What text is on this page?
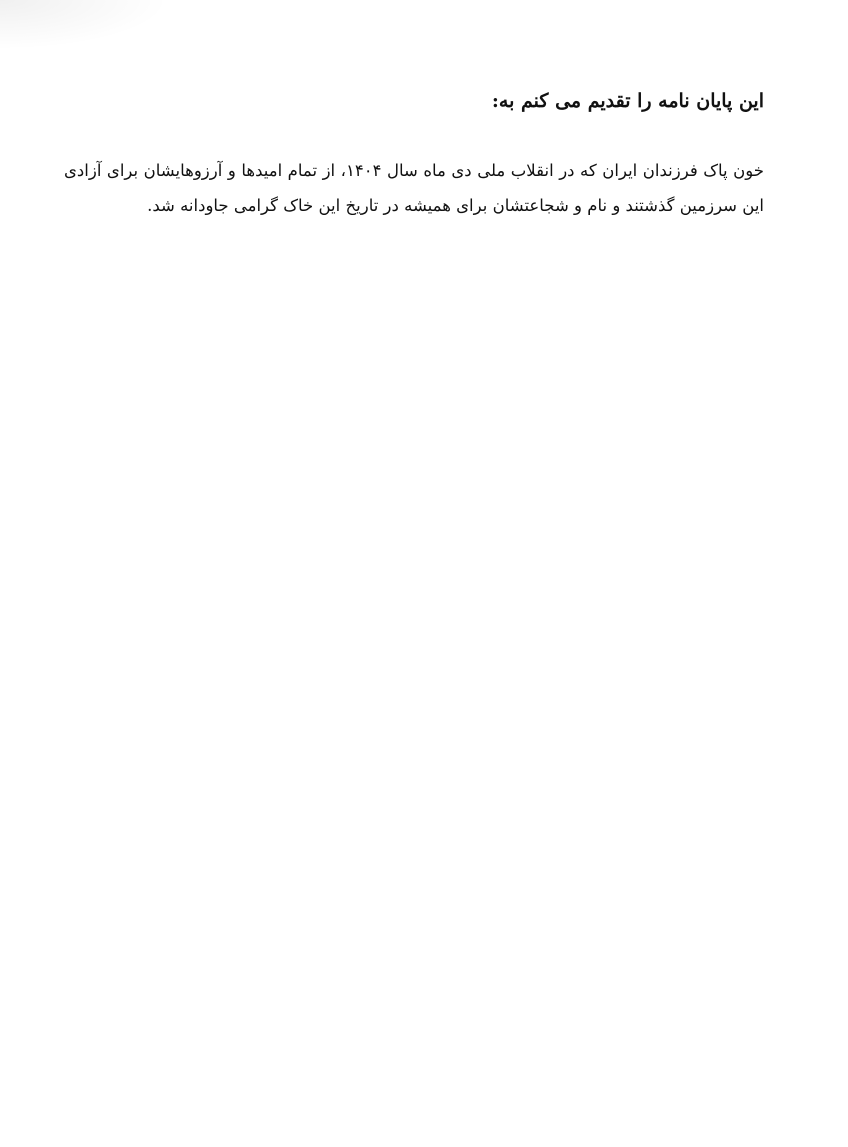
این پایان نامه را تقدیم می کنم به:

خون پاک فرزندان ایران که در انقلاب ملی دی ماه سال ۱۴۰۴، از تمام امیدها و آرزوهایشان برای آزادی این سرزمین گذشتند و نام و شجاعتشان برای همیشه در تاریخ این خاک گرامی جاودانه شد.
